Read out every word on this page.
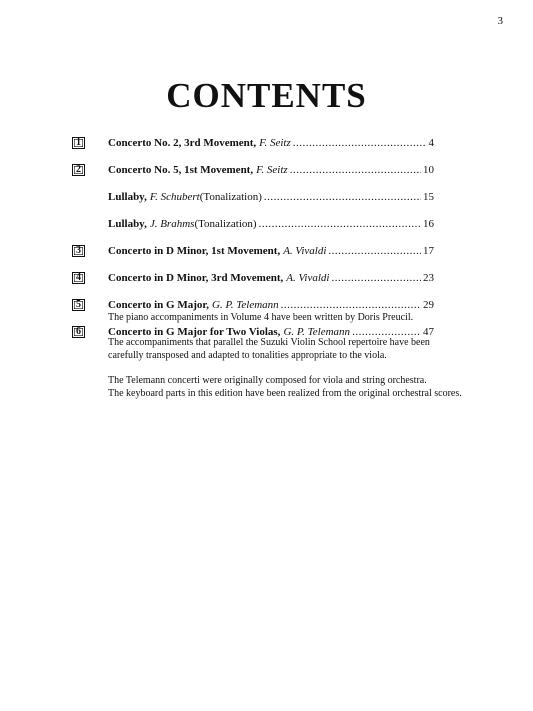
3
CONTENTS
1	Concerto No. 2, 3rd Movement, F. Seitz .....	4
2	Concerto No. 5, 1st Movement, F. Seitz .....	10
Lullaby, F. Schubert (Tonalization) .....	15
Lullaby, J. Brahms (Tonalization) .....	16
3	Concerto in D Minor, 1st Movement, A. Vivaldi .....	17
4	Concerto in D Minor, 3rd Movement, A. Vivaldi .....	23
5	Concerto in G Major, G. P. Telemann .....	29
6	Concerto in G Major for Two Violas, G. P. Telemann .....	47

The piano accompaniments in Volume 4 have been written by Doris Preucil.

The accompaniments that parallel the Suzuki Violin School repertoire have been
carefully transposed and adapted to tonalities appropriate to the viola.

The Telemann concerti were originally composed for viola and string orchestra.
The keyboard parts in this edition have been realized from the original orchestral scores.
